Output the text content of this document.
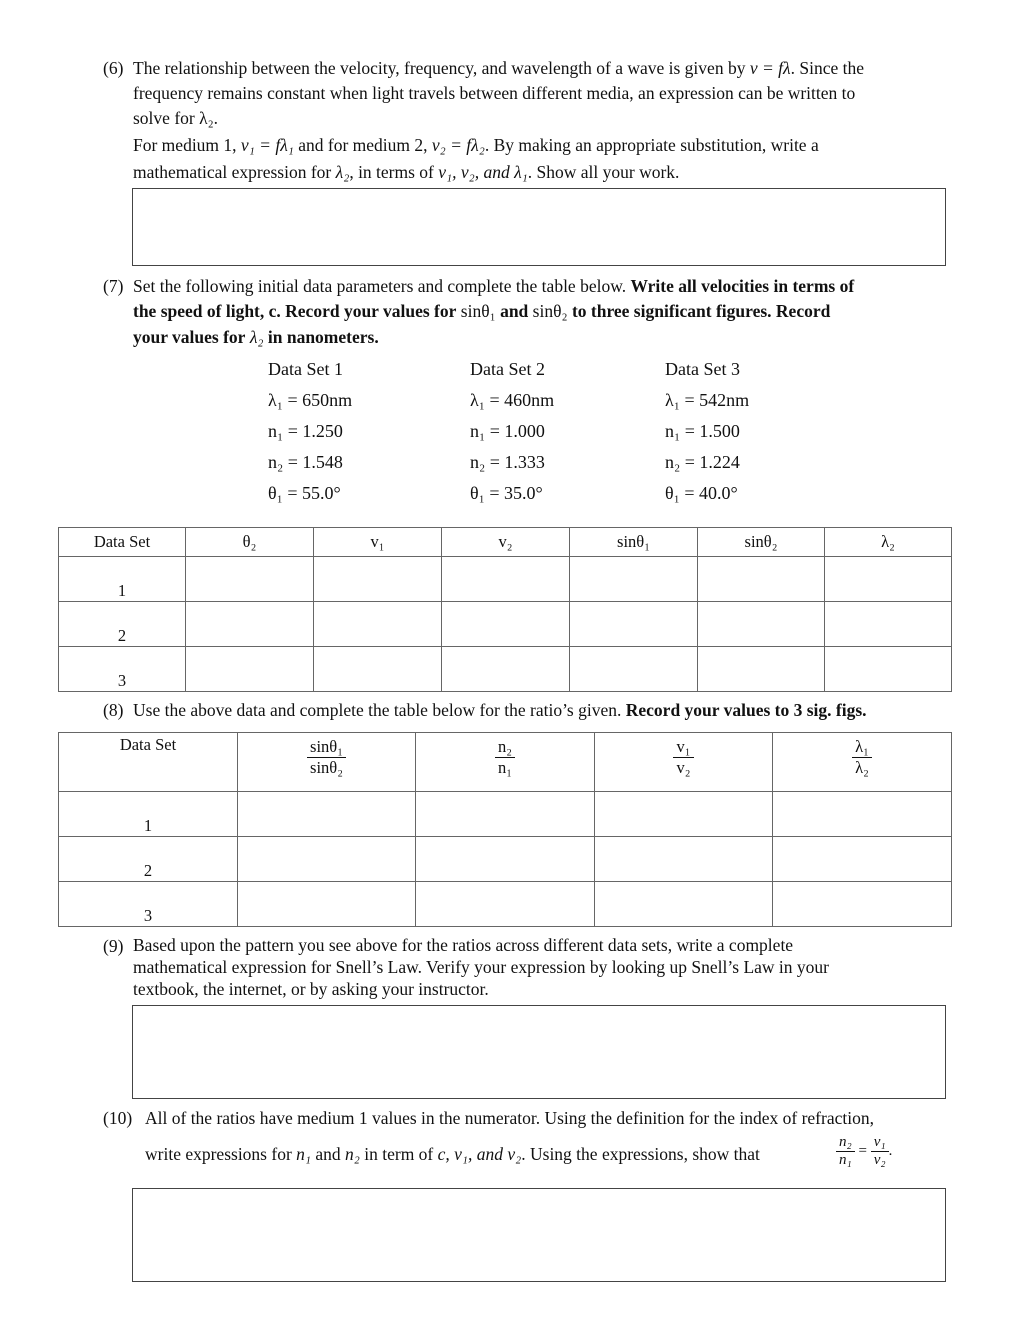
(6) The relationship between the velocity, frequency, and wavelength of a wave is given by v = fλ. Since the
frequency remains constant when light travels between different media, an expression can be written to
solve for λ₂.
For medium 1, v₁ = fλ₁ and for medium 2, v₂ = fλ₂. By making an appropriate substitution, write a
mathematical expression for λ₂, in terms of v₁, v₂, and λ₁. Show all your work.
(7) Set the following initial data parameters and complete the table below. Write all velocities in terms of
the speed of light, c. Record your values for sinθ₁ and sinθ₂ to three significant figures. Record
your values for λ₂ in nanometers.
Data Set 1
λ₁ = 650nm
n₁ = 1.250
n₂ = 1.548
θ₁ = 55.0°
Data Set 2
λ₁ = 460nm
n₁ = 1.000
n₂ = 1.333
θ₁ = 35.0°
Data Set 3
λ₁ = 542nm
n₁ = 1.500
n₂ = 1.224
θ₁ = 40.0°
Data Set	θ₂	v₁	v₂	sinθ₁	sinθ₂	λ₂
1						
2						
3						
(8) Use the above data and complete the table below for the ratio’s given. Record your values to 3 sig. figs.
Data Set	$\frac{\text{sinθ₁}}{\text{sinθ₂}}$	$\frac{\text{n₂}}{\text{n₁}}$	$\frac{\text{v₁}}{\text{v₂}}$	$\frac{\text{λ₁}}{\text{λ₂}}$

1				
2				
3				
(9) Based upon the pattern you see above for the ratios across different data sets, write a complete
mathematical expression for Snell’s Law. Verify your expression by looking up Snell’s Law in your
textbook, the internet, or by asking your instructor.
(10) All of the ratios have medium 1 values in the numerator. Using the definition for the index of refraction,
write expressions for n₁ and n₂ in term of c, v₁, and v₂. Using the expressions, show that	$\frac{\text{n₂}}{\text{n₁}} = \frac{\text{v₁}}{\text{v₂}}$ .
